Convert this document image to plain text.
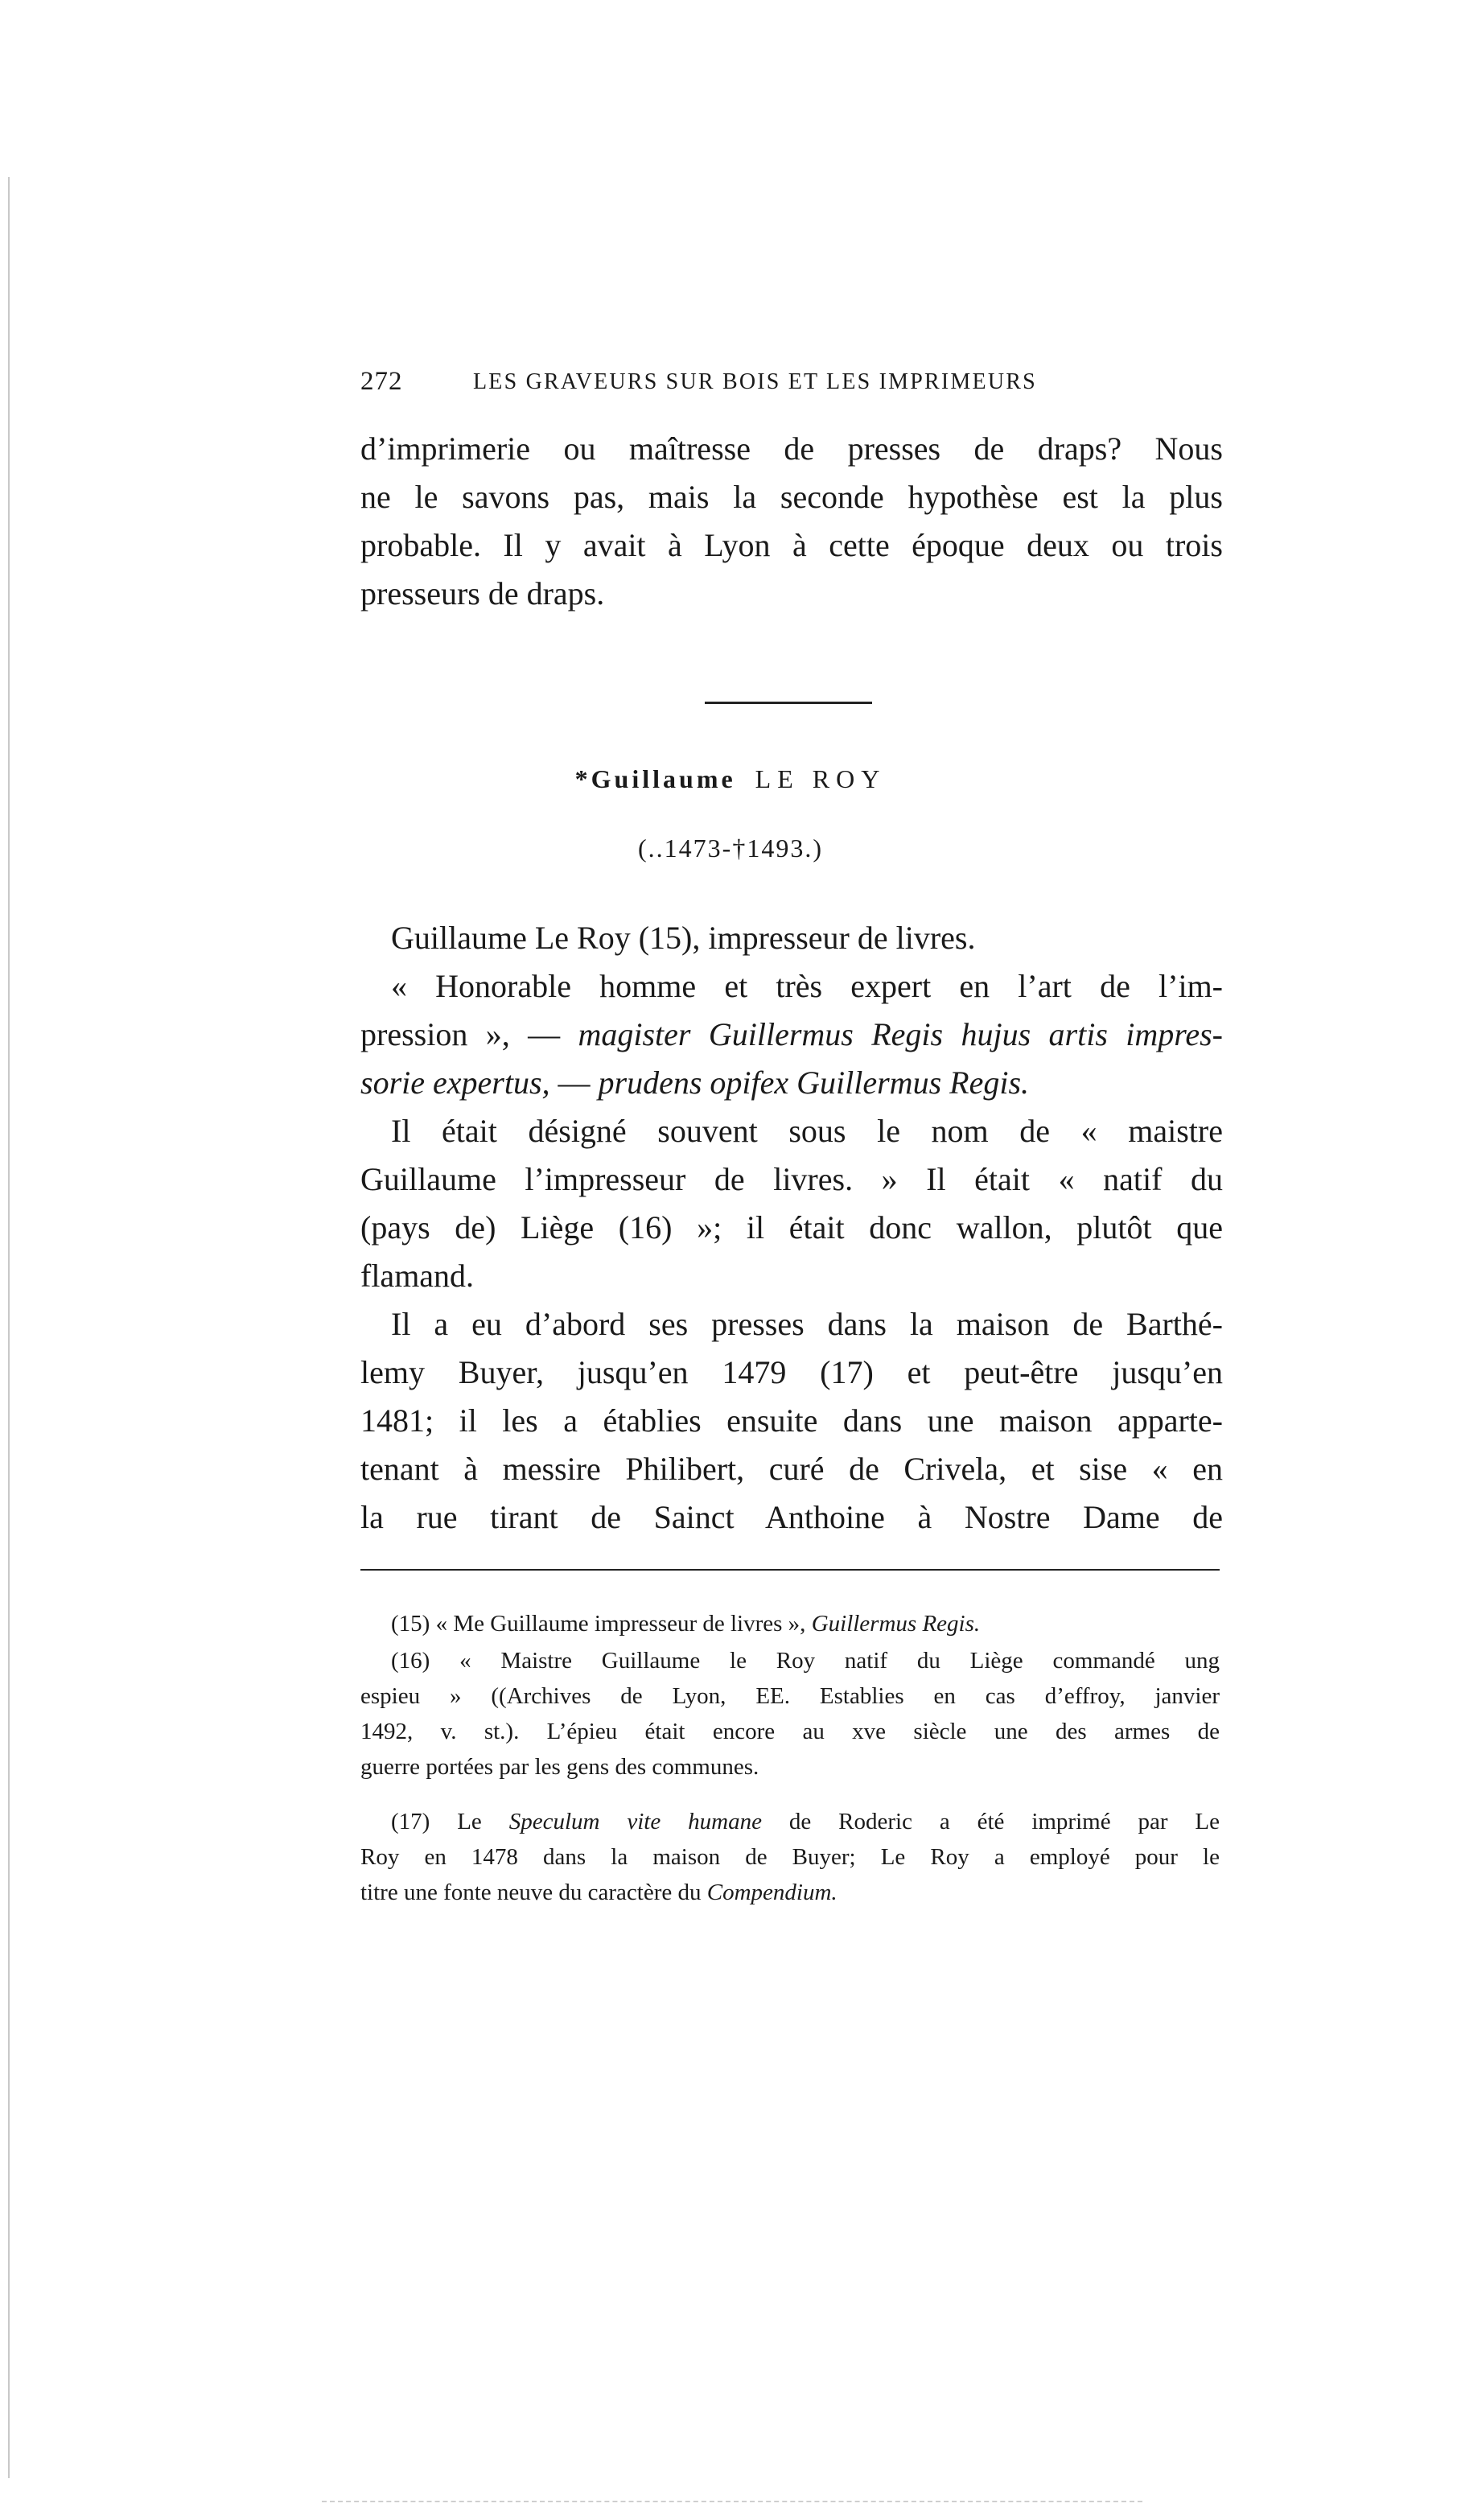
272	LES GRAVEURS SUR BOIS ET LES IMPRIMEURS
d’imprimerie ou maîtresse de presses de draps? Nous
ne le savons pas, mais la seconde hypothèse est la plus
probable. Il y avait à Lyon à cette époque deux ou trois
presseurs de draps.
*Guillaume LE ROY
(..1473-†1493.)
Guillaume Le Roy (15), impresseur de livres.
« Honorable homme et très expert en l’art de l’im-
pression », — magister Guillermus Regis hujus artis impres-
sorie expertus, — prudens opifex Guillermus Regis.
Il était désigné souvent sous le nom de « maistre
Guillaume l’impresseur de livres. » Il était « natif du
(pays de) Liège (16) »; il était donc wallon, plutôt que
flamand.
Il a eu d’abord ses presses dans la maison de Barthé-
lemy Buyer, jusqu’en 1479 (17) et peut-être jusqu’en
1481; il les a établies ensuite dans une maison apparte-
tenant à messire Philibert, curé de Crivela, et sise « en
la rue tirant de Sainct Anthoine à Nostre Dame de
(15) « Me Guillaume impresseur de livres », Guillermus Regis.
(16) « Maistre Guillaume le Roy natif du Liège commandé ung
espieu » ((Archives de Lyon, EE. Establies en cas d’effroy, janvier
1492, v. st.). L’épieu était encore au xve siècle une des armes de
guerre portées par les gens des communes.
(17) Le Speculum vite humane de Roderic a été imprimé par Le
Roy en 1478 dans la maison de Buyer; Le Roy a employé pour le
titre une fonte neuve du caractère du Compendium.
